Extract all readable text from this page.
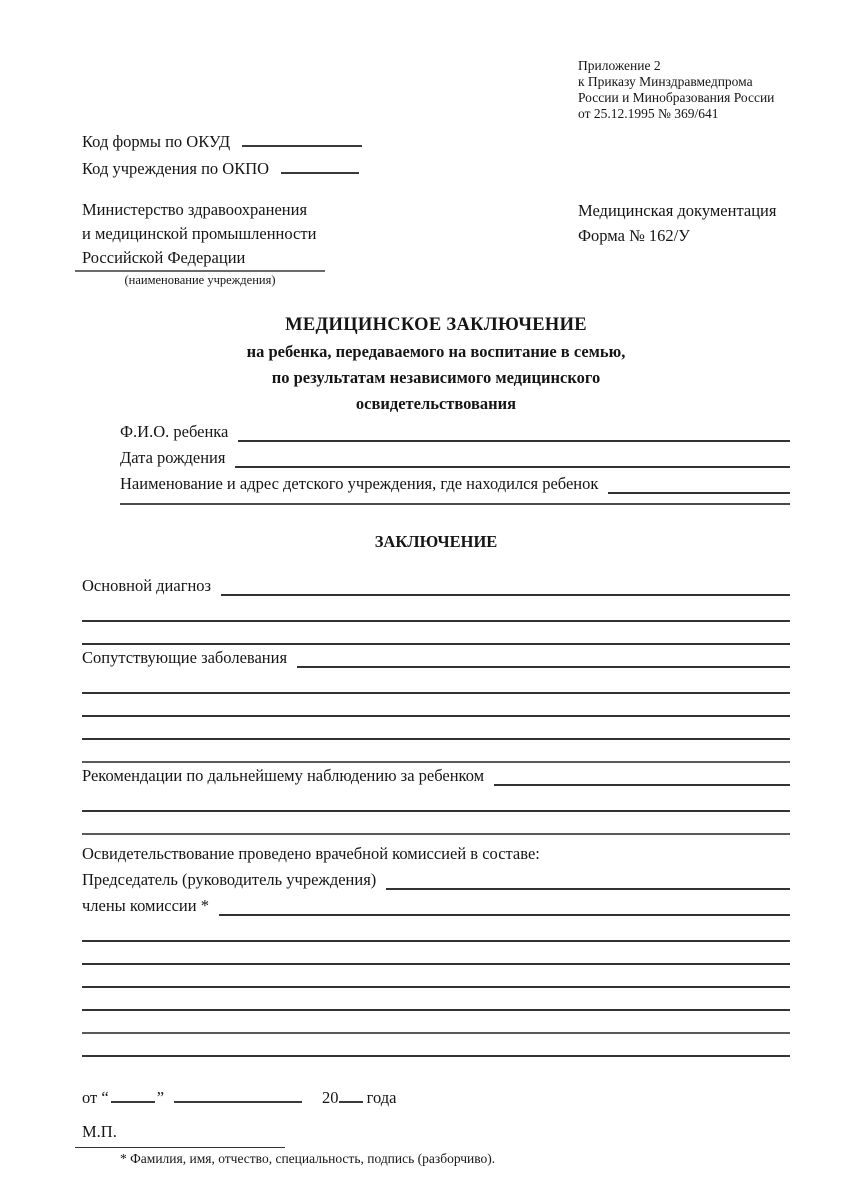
Приложение 2
к Приказу Минздравмедпрома
России и Минобразования России
от 25.12.1995 № 369/641
Код формы по ОКУД
Код учреждения по ОКПО
Министерство здравоохранения
и медицинской промышленности
Российской Федерации
Медицинская документация
Форма № 162/У
(наименование учреждения)
МЕДИЦИНСКОЕ ЗАКЛЮЧЕНИЕ
на ребенка, передаваемого на воспитание в семью,
по результатам независимого медицинского
освидетельствования
Ф.И.О. ребенка
Дата рождения
Наименование и адрес детского учреждения, где находился ребенок
ЗАКЛЮЧЕНИЕ
Основной диагноз
Сопутствующие заболевания
Рекомендации по дальнейшему наблюдению за ребенком
Освидетельствование проведено врачебной комиссией в составе:
Председатель (руководитель учреждения)
члены комиссии *
от “	”	20 года
М.П.
* Фамилия, имя, отчество, специальность, подпись (разборчиво).
